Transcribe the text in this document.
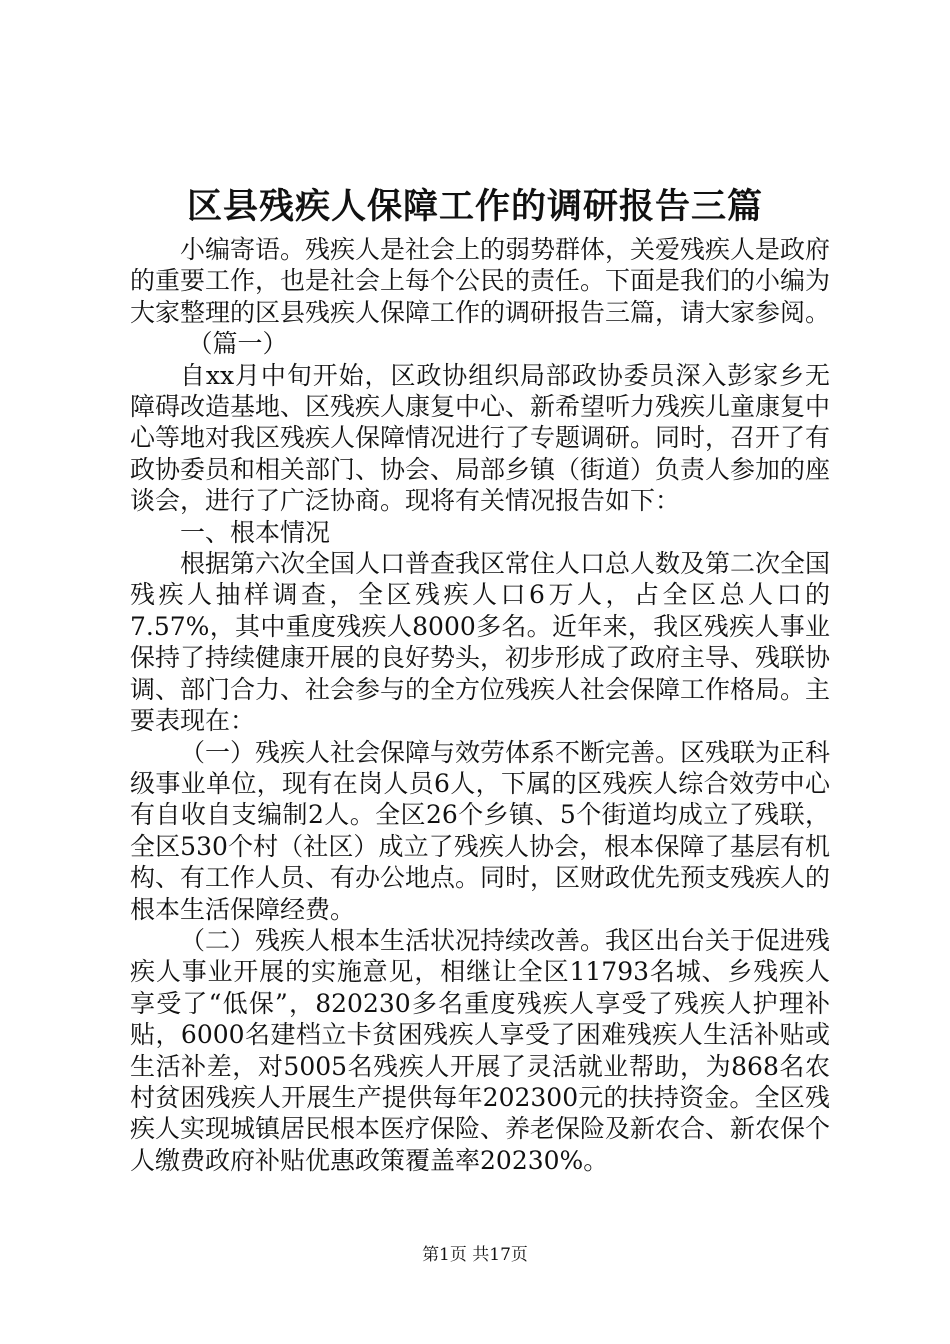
区县残疾人保障工作的调研报告三篇

小编寄语。残疾人是社会上的弱势群体，关爱残疾人是政府的重要工作，也是社会上每个公民的责任。下面是我们的小编为大家整理的区县残疾人保障工作的调研报告三篇，请大家参阅。

（篇一）

自xx月中旬开始，区政协组织局部政协委员深入彭家乡无障碍改造基地、区残疾人康复中心、新希望听力残疾儿童康复中心等地对我区残疾人保障情况进行了专题调研。同时，召开了有政协委员和相关部门、协会、局部乡镇（街道）负责人参加的座谈会，进行了广泛协商。现将有关情况报告如下：

一、根本情况

根据第六次全国人口普查我区常住人口总人数及第二次全国残疾人抽样调查，全区残疾人口6万人，占全区总人口的7.57%，其中重度残疾人8000多名。近年来，我区残疾人事业保持了持续健康开展的良好势头，初步形成了政府主导、残联协调、部门合力、社会参与的全方位残疾人社会保障工作格局。主要表现在：

（一）残疾人社会保障与效劳体系不断完善。区残联为正科级事业单位，现有在岗人员6人，下属的区残疾人综合效劳中心有自收自支编制2人。全区26个乡镇、5个街道均成立了残联，全区530个村（社区）成立了残疾人协会，根本保障了基层有机构、有工作人员、有办公地点。同时，区财政优先预支残疾人的根本生活保障经费。

（二）残疾人根本生活状况持续改善。我区出台关于促进残疾人事业开展的实施意见，相继让全区11793名城、乡残疾人享受了“低保”，820230多名重度残疾人享受了残疾人护理补贴，6000名建档立卡贫困残疾人享受了困难残疾人生活补贴或生活补差，对5005名残疾人开展了灵活就业帮助，为868名农村贫困残疾人开展生产提供每年202300元的扶持资金。全区残疾人实现城镇居民根本医疗保险、养老保险及新农合、新农保个人缴费政府补贴优惠政策覆盖率20230%。

第1页 共17页
